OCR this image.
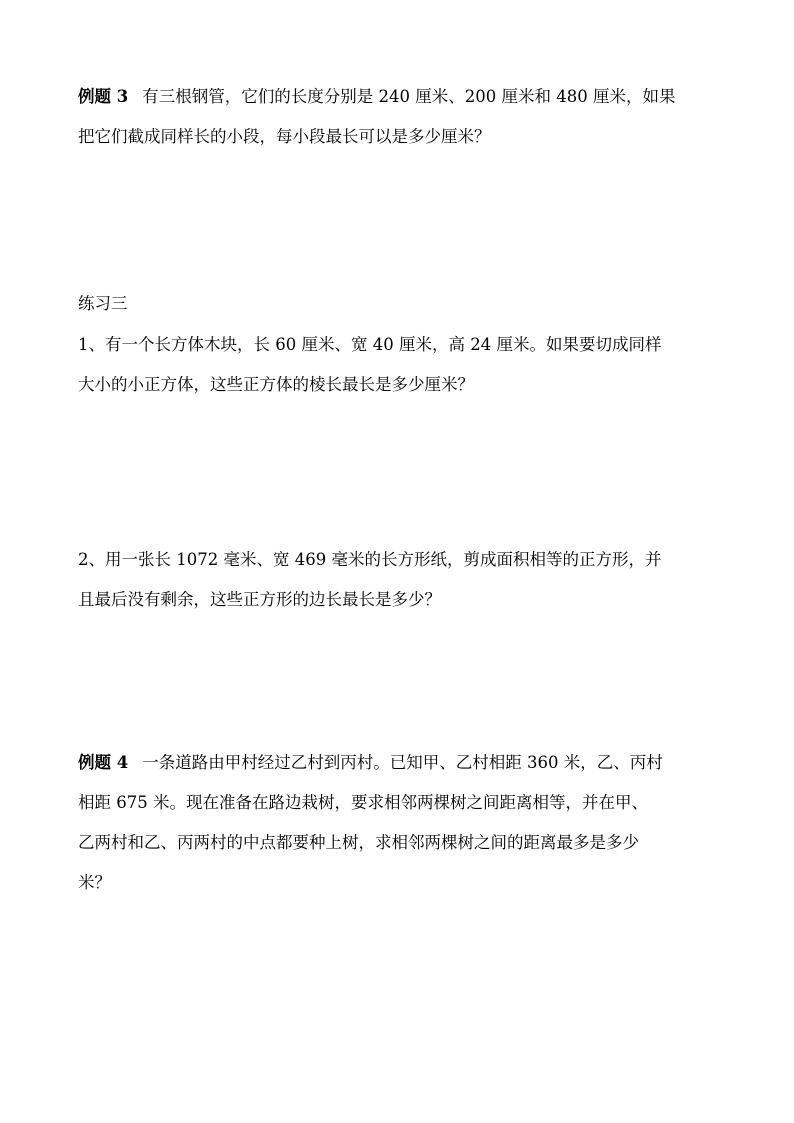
例题 3 有三根钢管，它们的长度分别是 240 厘米、200 厘米和 480 厘米，如果
把它们截成同样长的小段，每小段最长可以是多少厘米？
练习三
1、有一个长方体木块，长 60 厘米、宽 40 厘米，高 24 厘米。如果要切成同样
大小的小正方体，这些正方体的棱长最长是多少厘米？
2、用一张长 1072 毫米、宽 469 毫米的长方形纸，剪成面积相等的正方形，并
且最后没有剩余，这些正方形的边长最长是多少？
例题 4 一条道路由甲村经过乙村到丙村。已知甲、乙村相距 360 米，乙、丙村
相距 675 米。现在准备在路边栽树，要求相邻两棵树之间距离相等，并在甲、
乙两村和乙、丙两村的中点都要种上树，求相邻两棵树之间的距离最多是多少
米？
